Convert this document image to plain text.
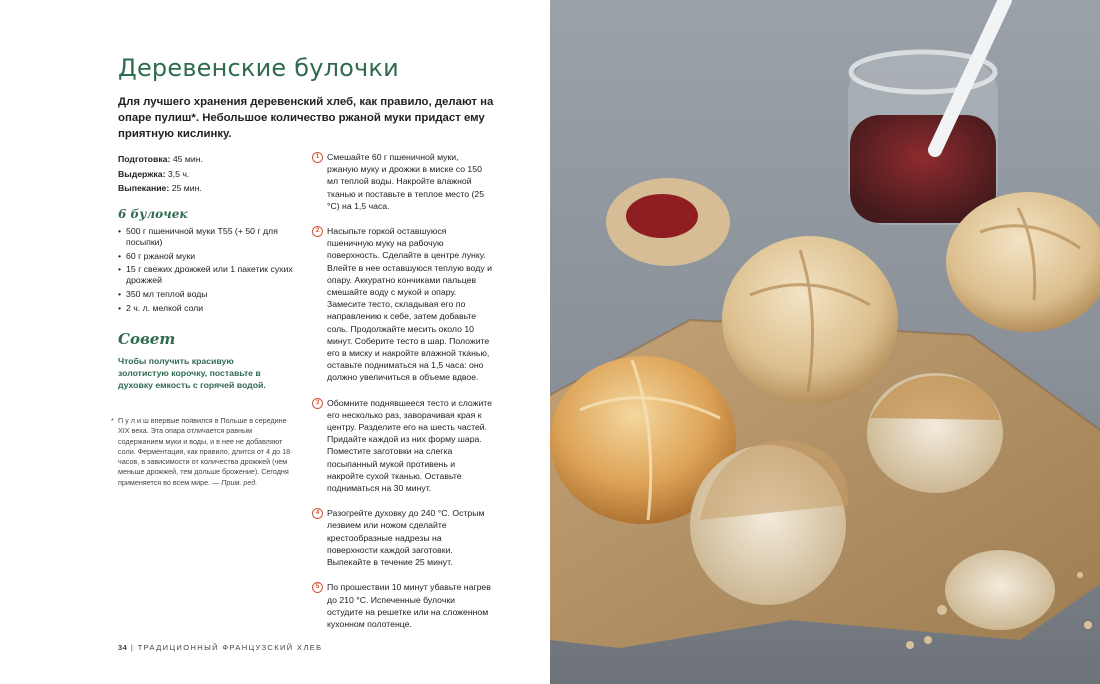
Деревенские булочки

Для лучшего хранения деревенский хлеб, как правило, делают на опаре пулиш*. Небольшое количество ржаной муки придаст ему приятную кислинку.

Подготовка: 45 мин.
Выдержка: 3,5 ч.
Выпекание: 25 мин.
6 булочек
• 500 г пшеничной муки Т55 (+ 50 г для посыпки)
• 60 г ржаной муки
• 15 г свежих дрожжей или 1 пакетик сухих дрожжей
• 350 мл теплой воды
• 2 ч. л. мелкой соли
Совет
Чтобы получить красивую золотистую корочку, поставьте в духовку емкость с горячей водой.
* П у л и ш впервые появился в Польше в середине XIX века. Эта опара отличается равным содержанием муки и воды, и в нее не добавляют соли. Ферментация, как правило, длится от 4 до 18 часов, в зависимости от количества дрожжей (чем меньше дрожжей, тем дольше брожение). Сегодня применяется во всем мире. — Прим. ред.
1 Смешайте 60 г пшеничной муки, ржаную муку и дрожжи в миске со 150 мл теплой воды. Накройте влажной тканью и поставьте в теплое место (25 °С) на 1,5 часа.
2 Насыпьте горкой оставшуюся пшеничную муку на рабочую поверхность. Сделайте в центре лунку. Влейте в нее оставшуюся теплую воду и опару. Аккуратно кончиками пальцев смешайте воду с мукой и опару. Замесите тесто, складывая его по направлению к себе, затем добавьте соль. Продолжайте месить около 10 минут. Соберите тесто в шар. Положите его в миску и накройте влажной тканью, оставьте подниматься на 1,5 часа: оно должно увеличиться в объеме вдвое.
3 Обомните поднявшееся тесто и сложите его несколько раз, заворачивая края к центру. Разделите его на шесть частей. Придайте каждой из них форму шара. Поместите заготовки на слегка посыпанный мукой противень и накройте сухой тканью. Оставьте подниматься на 30 минут.
4 Разогрейте духовку до 240 °С. Острым лезвием или ножом сделайте крестообразные надрезы на поверхности каждой заготовки. Выпекайте в течение 25 минут.
5 По прошествии 10 минут убавьте нагрев до 210 °С. Испеченные булочки остудите на решетке или на сложенном кухонном полотенце.
34 | ТРАДИЦИОННЫЙ ФРАНЦУЗСКИЙ ХЛЕБ
